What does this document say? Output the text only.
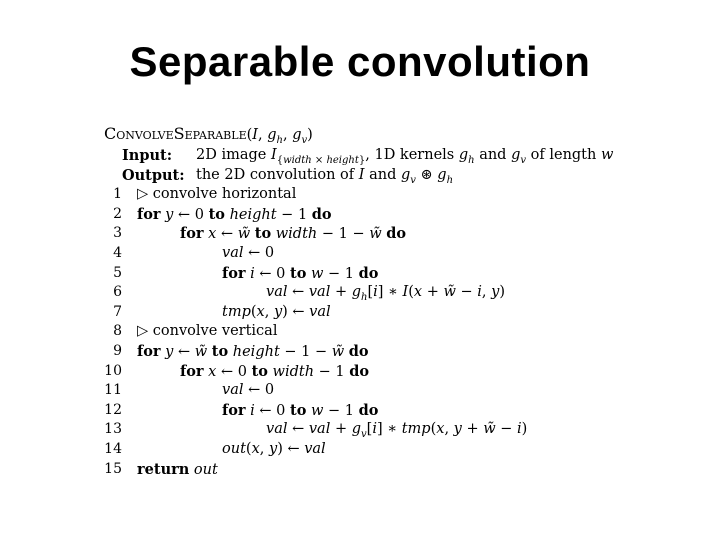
Separable convolution
ConvolveSeparable(I, $g_h$, $g_v$)
Input: 2D image $I_{\{width \times height\}}$, 1D kernels $g_h$ and $g_v$ of length w
Output: the 2D convolution of I and $g_v$ ⊛ $g_h$
1 ▷ convolve horizontal
2 for y ← 0 to height − 1 do
3	for x ← w̃ to width − 1 − w̃ do
4	val ← 0
5	for i ← 0 to w − 1 do
6	val ← val + $g_h[i]$ ∗ I(x + w̃ − i, y)
7	tmp(x, y) ← val
8 ▷ convolve vertical
9 for y ← w̃ to height − 1 − w̃ do
10	for x ← 0 to width − 1 do
11	val ← 0
12	for i ← 0 to w − 1 do
13	val ← val + $g_v[i]$ ∗ tmp(x, y + w̃ − i)
14	out(x, y) ← val
15 return out
